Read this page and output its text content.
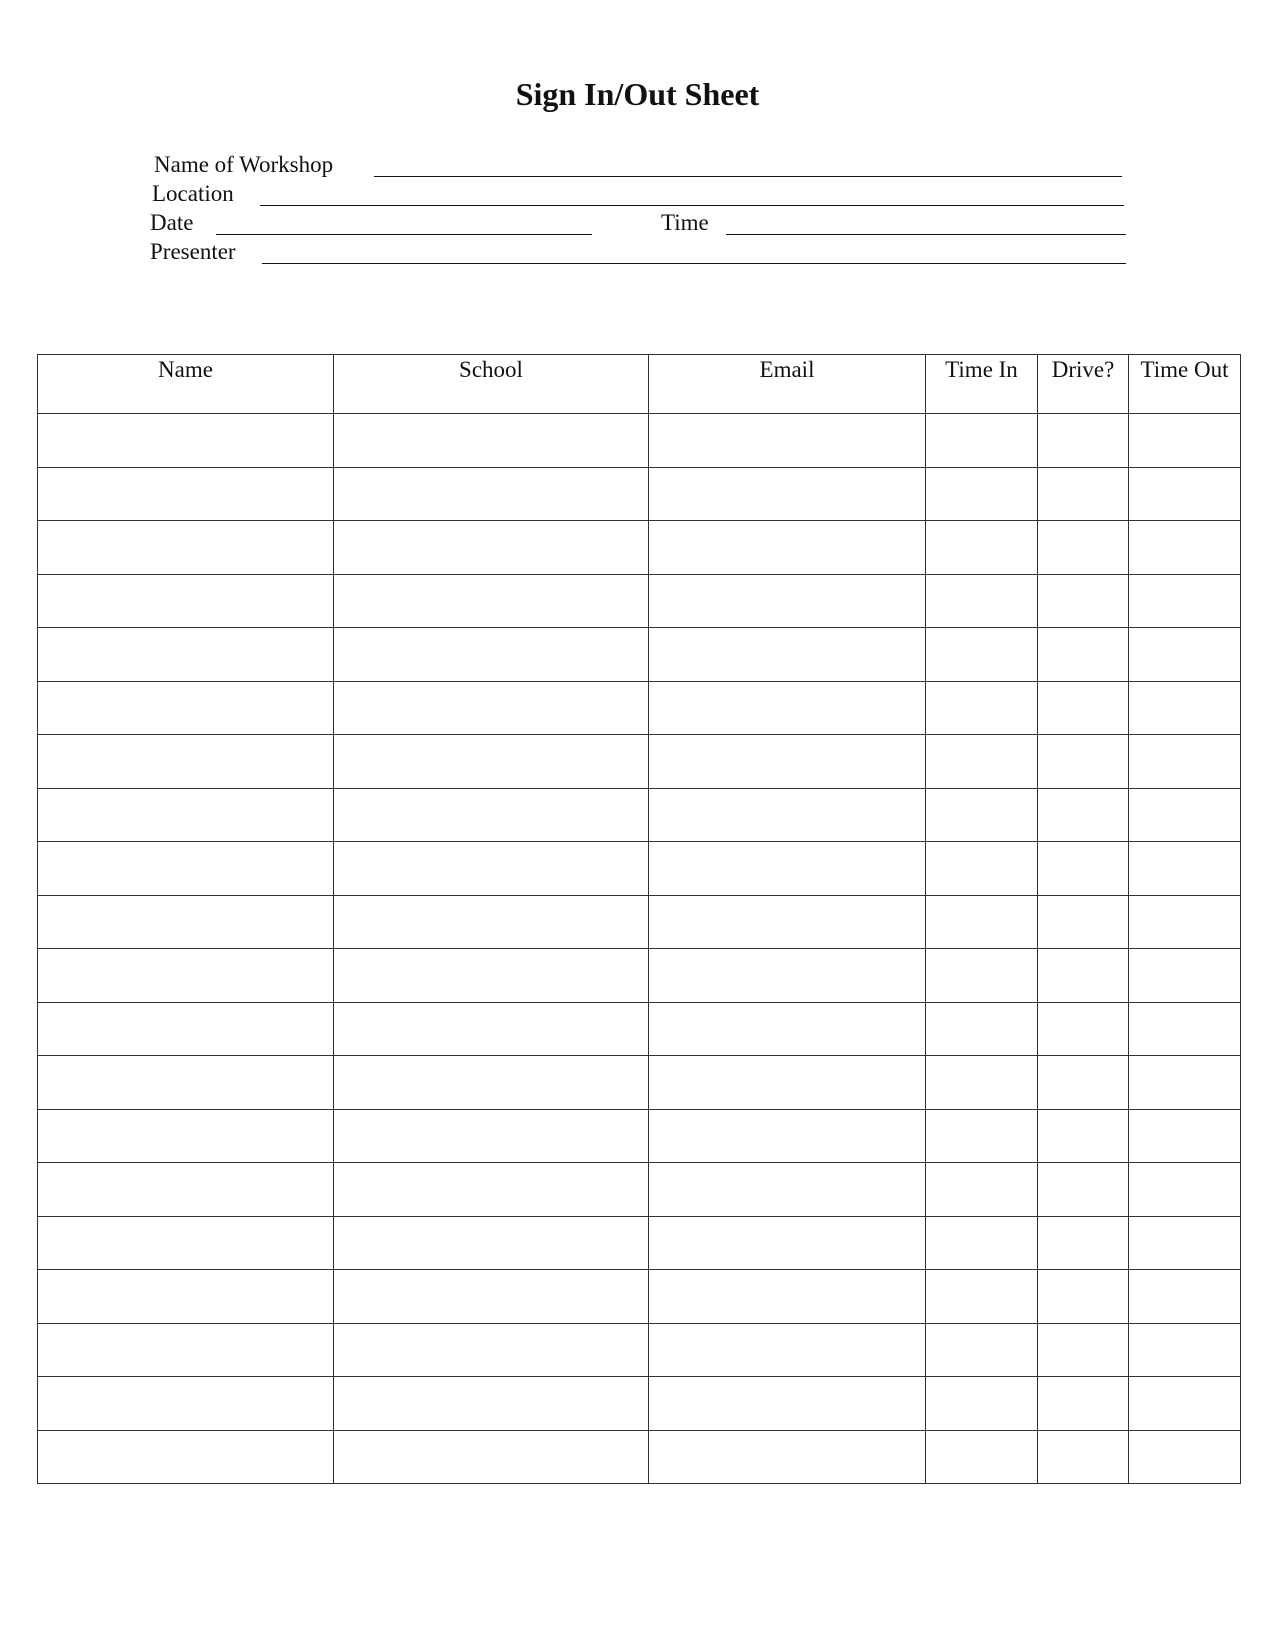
Sign In/Out Sheet
Name of Workshop
Location
Date	Time
Presenter
Name	School	Email	Time In	Drive?	Time Out
